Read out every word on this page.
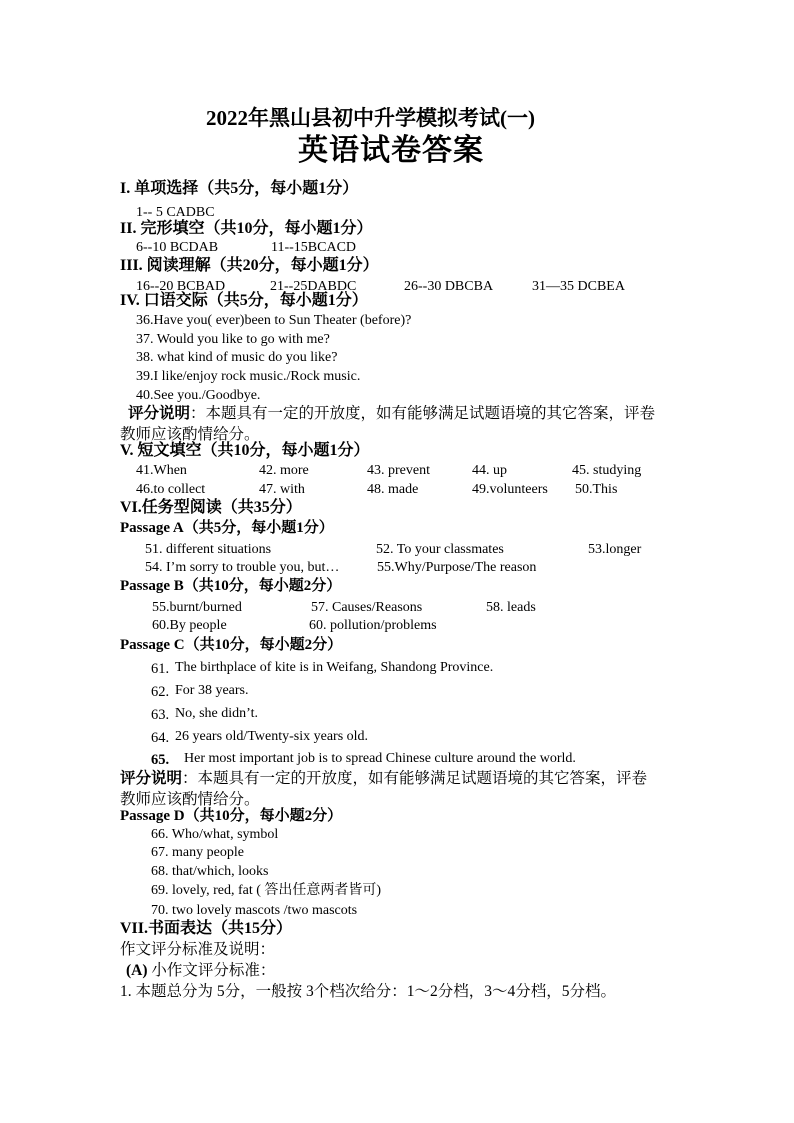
2022年黑山县初中升学模拟考试(一)
英语试卷答案
I. 单项选择（共5分，每小题1分）
1-- 5 CADBC
II. 完形填空（共10分，每小题1分）
6--10 BCDAB	11--15BCACD
III. 阅读理解（共20分，每小题1分）
16--20 BCBAD	21--25DABDC	26--30 DBCBA	31—35 DCBEA
IV. 口语交际（共5分，每小题1分）
36.Have you( ever)been to Sun Theater (before)?
37. Would you like to go with me?
38. what kind of music do you like?
39.I like/enjoy rock music./Rock music.
40.See you./Goodbye.
评分说明：本题具有一定的开放度，如有能够满足试题语境的其它答案，评卷
教师应该酌情给分。
V. 短文填空（共10分，每小题1分）
41.When	42. more	43. prevent	44. up	45. studying
46.to collect	47. with	48. made	49.volunteers 50.This
VI.任务型阅读（共35分）
Passage A（共5分，每小题1分）
51. different situations	52. To your classmates	53.longer
54. I’m sorry to trouble you, but…	55.Why/Purpose/The reason
Passage B（共10分，每小题2分）
55.burnt/burned	57. Causes/Reasons	58. leads
60.By people	60. pollution/problems
Passage C（共10分，每小题2分）
61. The birthplace of kite is in Weifang, Shandong Province.
62. For 38 years.
63. No, she didn’t.
64. 26 years old/Twenty-six years old.
65. Her most important job is to spread Chinese culture around the world.
评分说明：本题具有一定的开放度，如有能够满足试题语境的其它答案，评卷
教师应该酌情给分。
Passage D（共10分，每小题2分）
66. Who/what, symbol
67. many people
68. that/which, looks
69. lovely, red, fat ( 答出任意两者皆可)
70. two lovely mascots /two mascots
VII.书面表达（共15分）
作文评分标准及说明：
(A) 小作文评分标准：
1. 本题总分为 5分，一般按 3个档次给分：1～2分档，3～4分档，5分档。
